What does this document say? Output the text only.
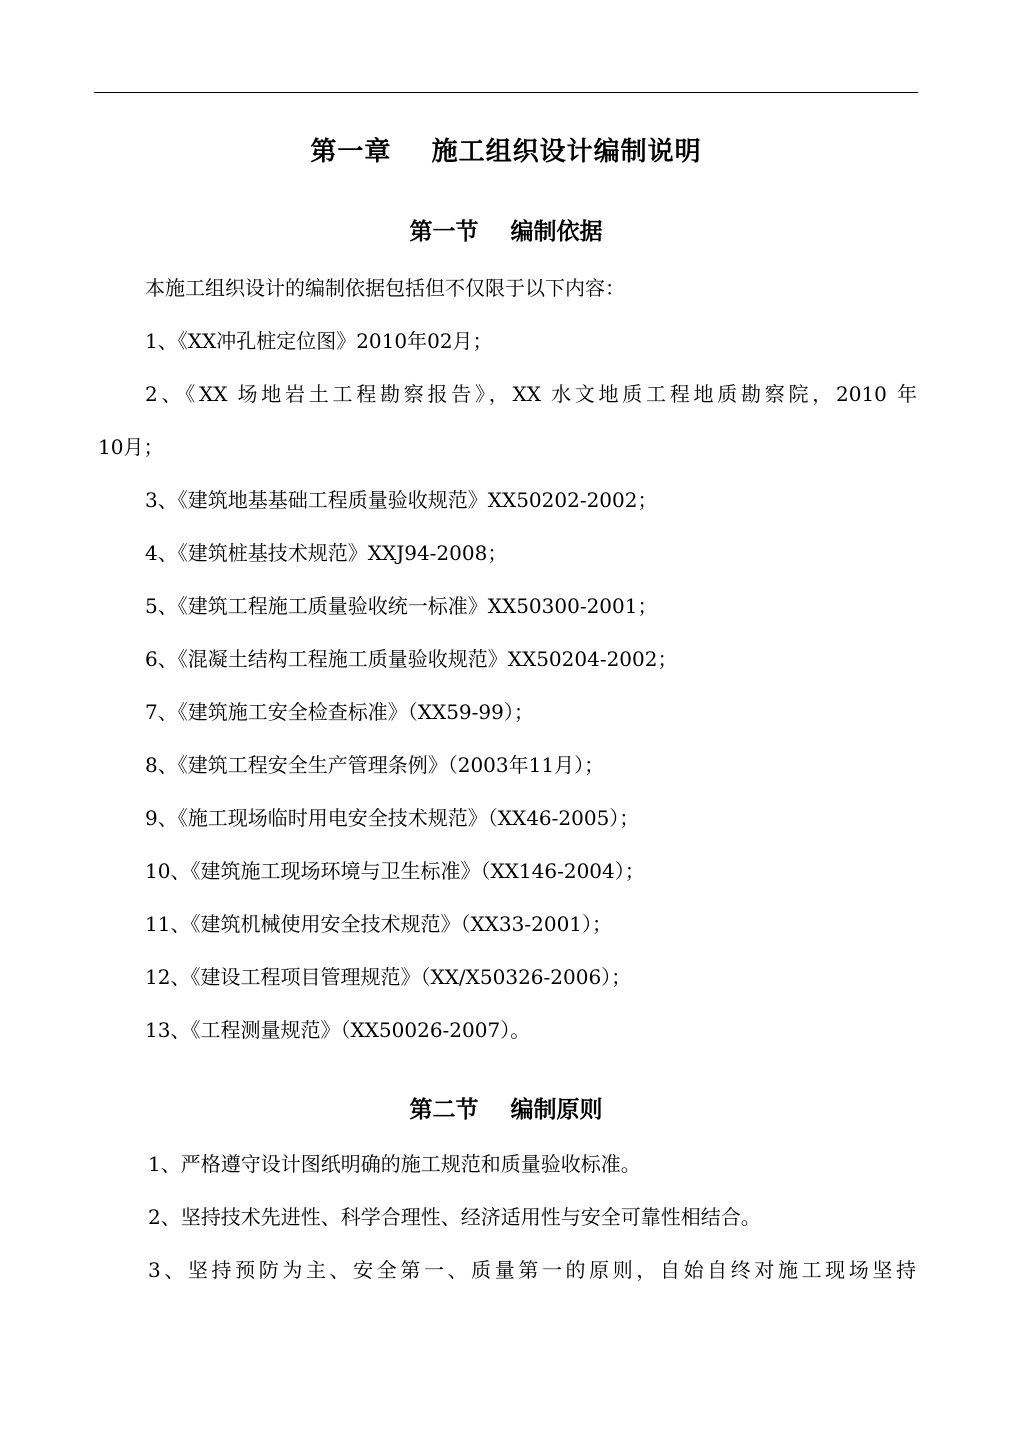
第一章    施工组织设计编制说明
第一节    编制依据
本施工组织设计的编制依据包括但不仅限于以下内容：
1、《XX冲孔桩定位图》2010年02月；
2、《XX 场地岩土工程勘察报告》，XX 水文地质工程地质勘察院，2010 年
10月；
3、《建筑地基基础工程质量验收规范》XX50202-2002；
4、《建筑桩基技术规范》XXJ94-2008；
5、《建筑工程施工质量验收统一标准》XX50300-2001；
6、《混凝土结构工程施工质量验收规范》XX50204-2002；
7、《建筑施工安全检查标准》（XX59-99）；
8、《建筑工程安全生产管理条例》（2003年11月）；
9、《施工现场临时用电安全技术规范》（XX46-2005）；
10、《建筑施工现场环境与卫生标准》（XX146-2004）；
11、《建筑机械使用安全技术规范》（XX33-2001）；
12、《建设工程项目管理规范》（XX/X50326-2006）；
13、《工程测量规范》（XX50026-2007）。
第二节    编制原则
1、严格遵守设计图纸明确的施工规范和质量验收标准。
2、坚持技术先进性、科学合理性、经济适用性与安全可靠性相结合。
3、坚持预防为主、安全第一、质量第一的原则，自始自终对施工现场坚持
